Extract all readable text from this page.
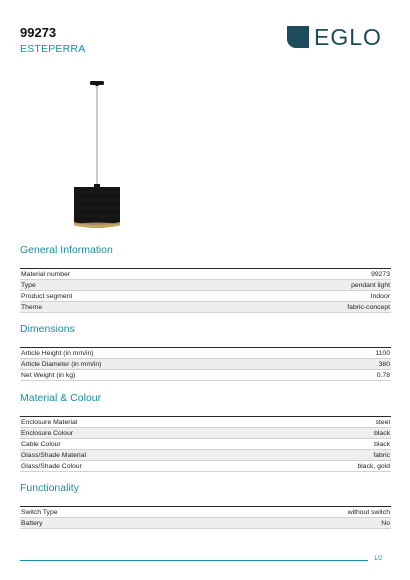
99273
ESTEPERRA	EGLO
General Information
Material number	99273
Type	pendant light
Product segment	Indoor
Theme	fabric-concept
Dimensions
Article Height (in mm/in)	1100
Article Diameter (in mm/in)	380
Net Weight (in kg)	0.78
Material & Colour
Enclosure Material	steel
Enclosure Colour	black
Cable Colour	black
Glass/Shade Material	fabric
Glass/Shade Colour	black, gold
Functionality
Switch Type	without switch
Battery	No
1/2
